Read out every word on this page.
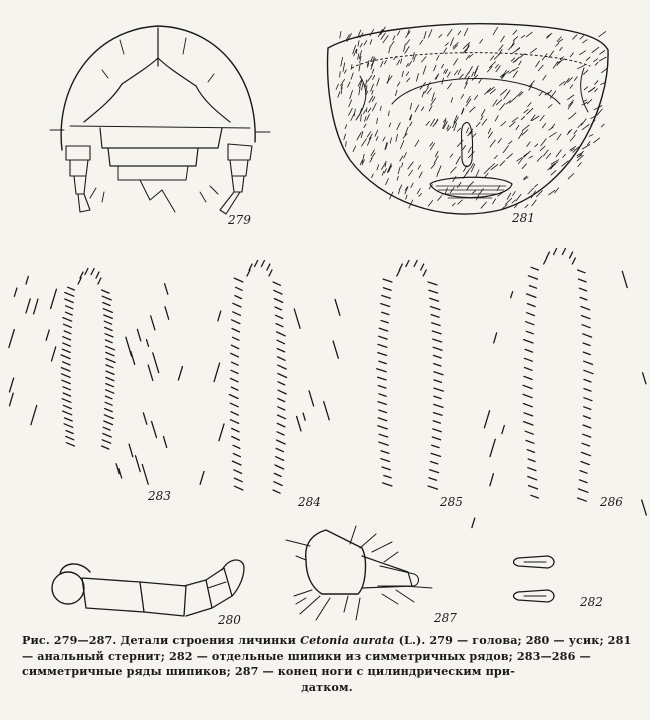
279	281
283	284	285	286
280	287
282
Рис. 279—287. Детали строения личинки Cetonia aurata (L.). 279 — голова; 280 — усик; 281 — анальный стернит; 282 — отдельные шипики из симметричных рядов; 283—286 — симметричные ряды шипиков; 287 — конец ноги с цилиндрическим при-
датком.
